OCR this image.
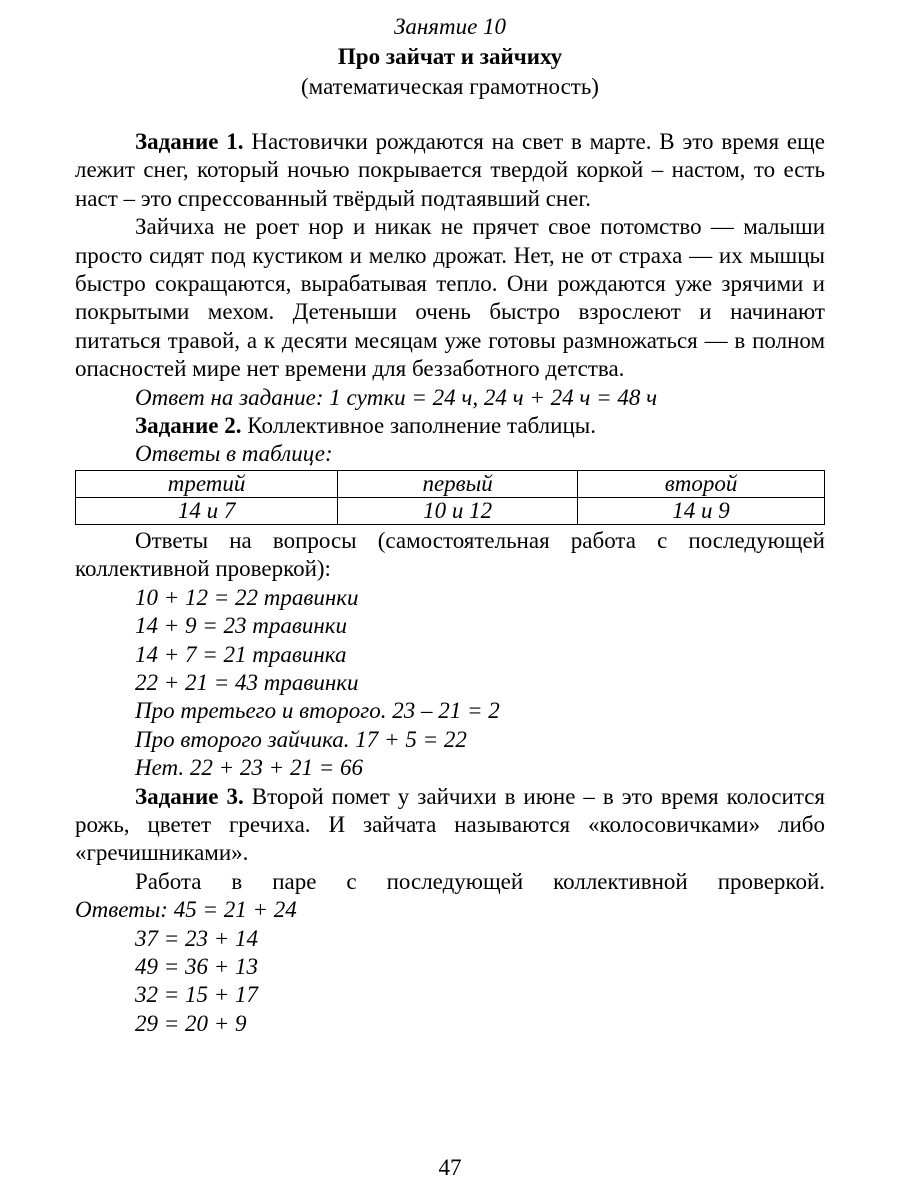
Занятие 10
Про зайчат и зайчиху
(математическая грамотность)

Задание 1. Настовички рождаются на свет в марте. В это время еще лежит снег, который ночью покрывается твердой коркой – настом, то есть наст – это спрессованный твёрдый подтаявший снег.

Зайчиха не роет нор и никак не прячет свое потомство — малыши просто сидят под кустиком и мелко дрожат. Нет, не от страха — их мышцы быстро сокращаются, вырабатывая тепло. Они рождаются уже зрячими и покрытыми мехом. Детеныши очень быстро взрослеют и начинают питаться травой, а к десяти месяцам уже готовы размножаться — в полном опасностей мире нет времени для беззаботного детства.

Ответ на задание: 1 сутки = 24 ч, 24 ч + 24 ч = 48 ч

Задание 2. Коллективное заполнение таблицы.

Ответы в таблице:

третий	первый	второй
14 и 7	10 и 12	14 и 9

Ответы на вопросы (самостоятельная работа с последующей коллективной проверкой):

10 + 12 = 22 травинки

14 + 9 = 23 травинки

14 + 7 = 21 травинка

22 + 21 = 43 травинки

Про третьего и второго. 23 – 21 = 2

Про второго зайчика. 17 + 5 = 22

Нет. 22 + 23 + 21 = 66

Задание 3. Второй помет у зайчихи в июне – в это время колосится рожь, цветет гречиха. И зайчата называются «колосовичками» либо «гречишниками».

Работа в паре с последующей коллективной проверкой.

Ответы: 45 = 21 + 24

37 = 23 + 14

49 = 36 + 13

32 = 15 + 17

29 = 20 + 9

47
